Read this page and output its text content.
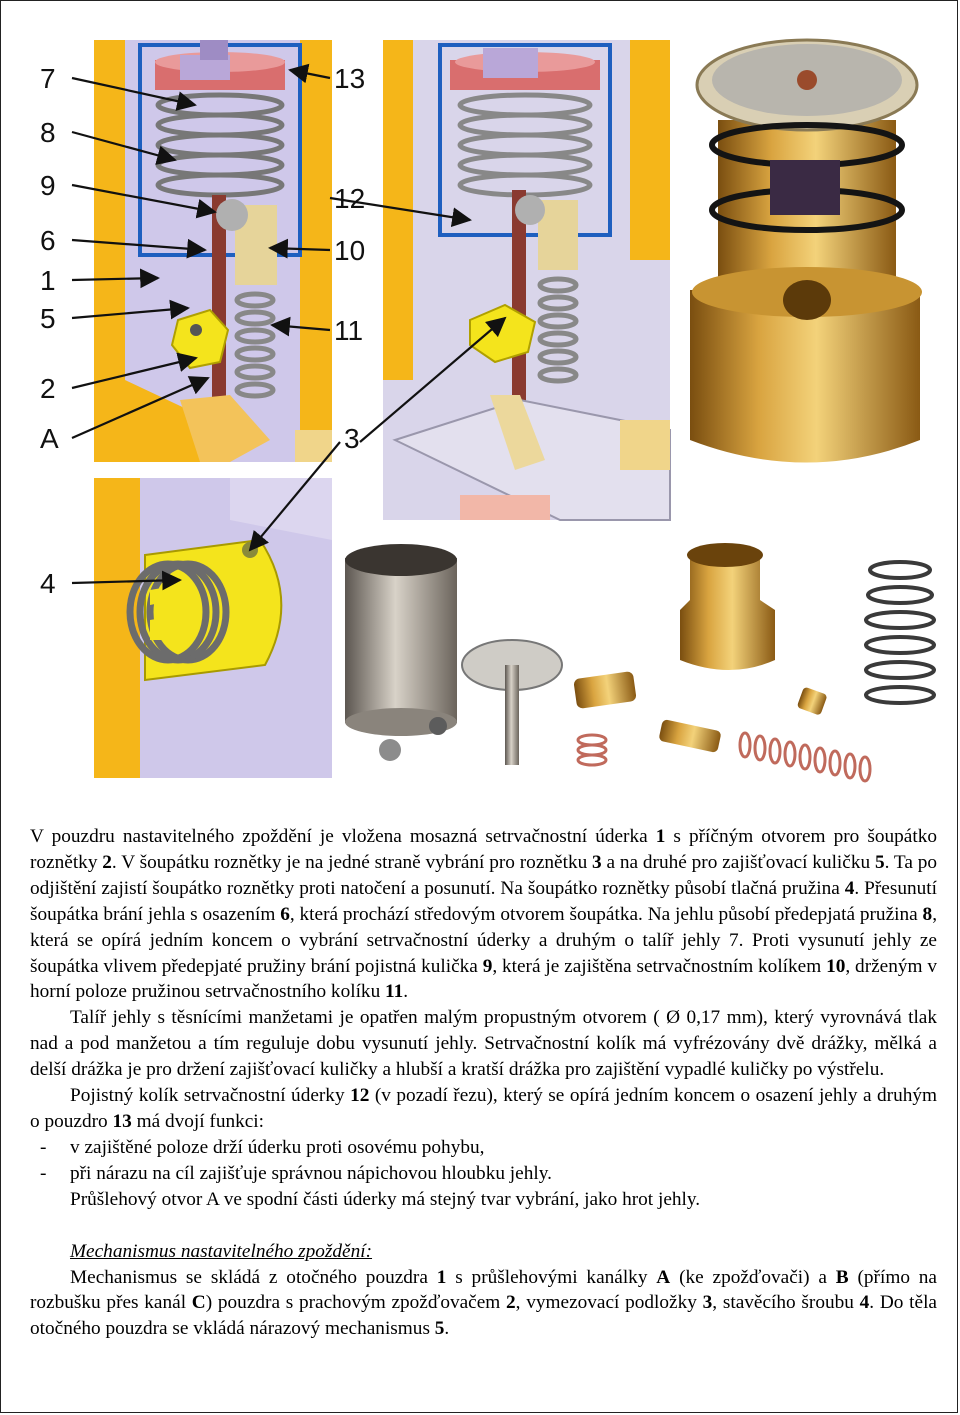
7
8
9
6
1
5
2
A
4
13
12
10
11
3

V pouzdru nastavitelného zpoždění je vložena mosazná setrvačnostní úderka 1 s příčným otvorem pro šoupátko roznětky 2. V šoupátku roznětky je na jedné straně vybrání pro roznětku 3 a na druhé pro zajišťovací kuličku 5. Ta po odjištění zajistí šoupátko roznětky proti natočení a posunutí. Na šoupátko roznětky působí tlačná pružina 4. Přesunutí šoupátka brání jehla s osazením 6, která prochází středovým otvorem šoupátka. Na jehlu působí předepjatá pružina 8, která se opírá jedním koncem o vybrání setrvačnostní úderky a druhým o talíř jehly 7. Proti vysunutí jehly ze šoupátka vlivem předepjaté pružiny brání pojistná kulička 9, která je zajištěna setrvačnostním kolíkem 10, drženým v horní poloze pružinou setrvačnostního kolíku 11.

Talíř jehly s těsnícími manžetami je opatřen malým propustným otvorem ( Ø 0,17 mm), který vyrovnává tlak nad a pod manžetou a tím reguluje dobu vysunutí jehly. Setrvačnostní kolík má vyfrézovány dvě drážky, mělká a delší drážka je pro držení zajišťovací kuličky a hlubší a kratší drážka pro zajištění vypadlé kuličky po výstřelu.

Pojistný kolík setrvačnostní úderky 12 (v pozadí řezu), který se opírá jedním koncem o osazení jehly a druhým o pouzdro 13 má dvojí funkci:

- v zajištěné poloze drží úderku proti osovému pohybu,
- při nárazu na cíl zajišťuje správnou nápichovou hloubku jehly.

Průšlehový otvor A ve spodní části úderky má stejný tvar vybrání, jako hrot jehly.

Mechanismus nastavitelného zpoždění:

Mechanismus se skládá z otočného pouzdra 1 s průšlehovými kanálky A (ke zpožďovači) a B (přímo na rozbušku přes kanál C) pouzdra s prachovým zpožďovačem 2, vymezovací podložky 3, stavěcího šroubu 4. Do těla otočného pouzdra se vkládá nárazový mechanismus 5.
